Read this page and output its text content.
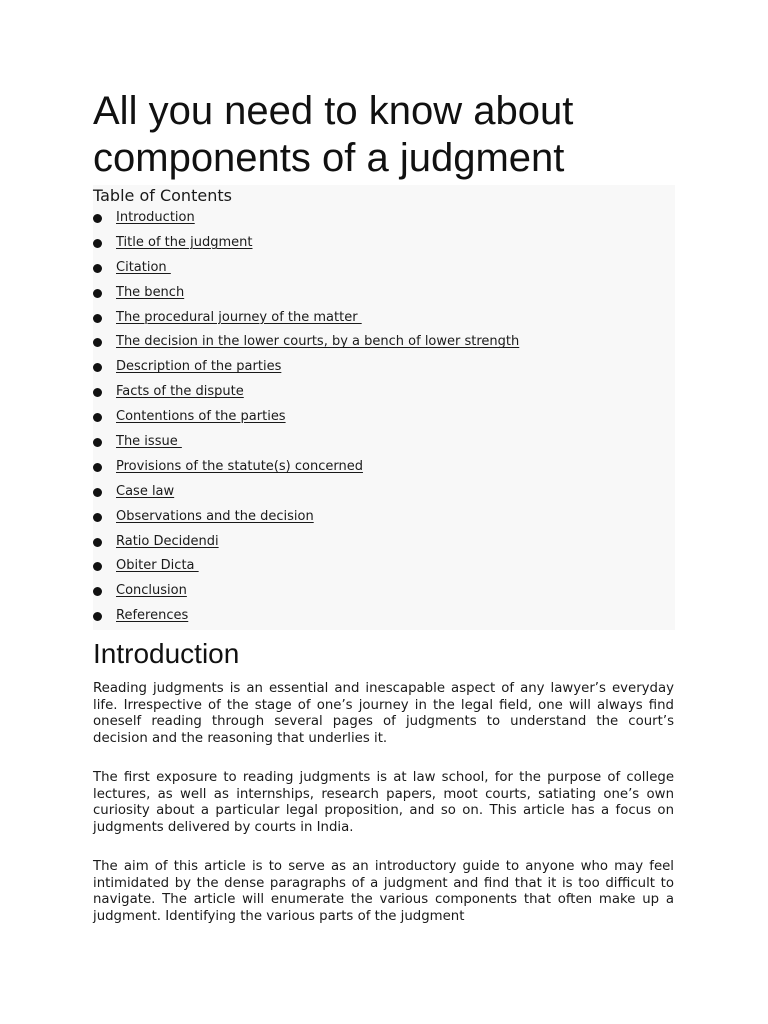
All you need to know about components of a judgment
Table of Contents
Introduction
Title of the judgment
Citation
The bench
The procedural journey of the matter
The decision in the lower courts, by a bench of lower strength
Description of the parties
Facts of the dispute
Contentions of the parties
The issue
Provisions of the statute(s) concerned
Case law
Observations and the decision
Ratio Decidendi
Obiter Dicta
Conclusion
References
Introduction

Reading judgments is an essential and inescapable aspect of any lawyer’s everyday life. Irrespective of the stage of one’s journey in the legal field, one will always find oneself reading through several pages of judgments to understand the court’s decision and the reasoning that underlies it.

The first exposure to reading judgments is at law school, for the purpose of college lectures, as well as internships, research papers, moot courts, satiating one’s own curiosity about a particular legal proposition, and so on. This article has a focus on judgments delivered by courts in India.

The aim of this article is to serve as an introductory guide to anyone who may feel intimidated by the dense paragraphs of a judgment and find that it is too difficult to navigate. The article will enumerate the various components that often make up a judgment. Identifying the various parts of the judgment
